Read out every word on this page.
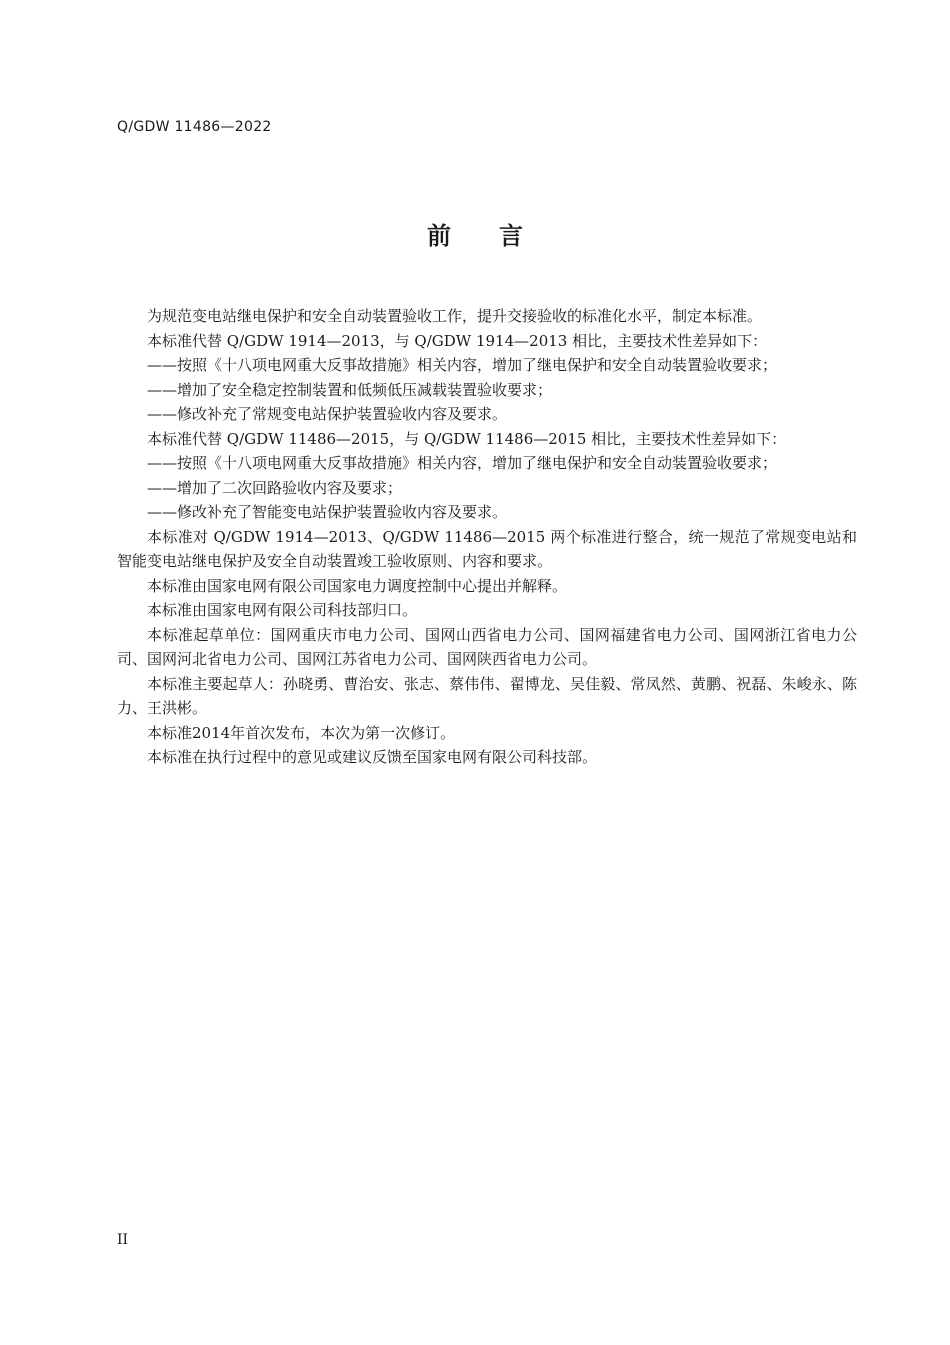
Q/GDW 11486—2022
前言

为规范变电站继电保护和安全自动装置验收工作，提升交接验收的标准化水平，制定本标准。

本标准代替 Q/GDW 1914—2013，与 Q/GDW 1914—2013 相比，主要技术性差异如下：

——按照《十八项电网重大反事故措施》相关内容，增加了继电保护和安全自动装置验收要求；

——增加了安全稳定控制装置和低频低压减载装置验收要求；

——修改补充了常规变电站保护装置验收内容及要求。

本标准代替 Q/GDW 11486—2015，与 Q/GDW 11486—2015 相比，主要技术性差异如下：

——按照《十八项电网重大反事故措施》相关内容，增加了继电保护和安全自动装置验收要求；

——增加了二次回路验收内容及要求；

——修改补充了智能变电站保护装置验收内容及要求。

本标准对 Q/GDW 1914—2013、Q/GDW 11486—2015 两个标准进行整合，统一规范了常规变电站和智能变电站继电保护及安全自动装置竣工验收原则、内容和要求。

本标准由国家电网有限公司国家电力调度控制中心提出并解释。

本标准由国家电网有限公司科技部归口。

本标准起草单位：国网重庆市电力公司、国网山西省电力公司、国网福建省电力公司、国网浙江省电力公司、国网河北省电力公司、国网江苏省电力公司、国网陕西省电力公司。

本标准主要起草人：孙晓勇、曹治安、张志、蔡伟伟、翟博龙、吴佳毅、常凤然、黄鹏、祝磊、朱峻永、陈力、王洪彬。

本标准2014年首次发布，本次为第一次修订。

本标准在执行过程中的意见或建议反馈至国家电网有限公司科技部。

II
